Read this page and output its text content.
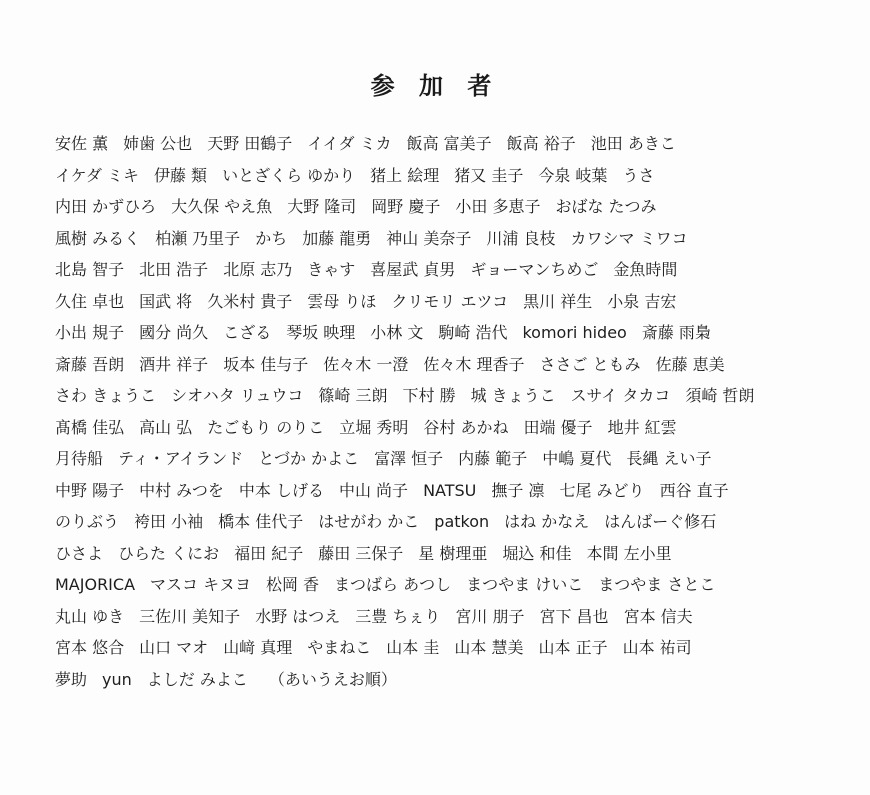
参 加 者
安佐 薫 姉歯 公也 天野 田鶴子 イイダ ミカ 飯高 富美子 飯高 裕子 池田 あきこ
イケダ ミキ 伊藤 類 いとざくら ゆかり 猪上 絵理 猪又 圭子 今泉 岐葉 うさ
内田 かずひろ 大久保 やえ魚 大野 隆司 岡野 慶子 小田 多恵子 おばな たつみ
風樹 みるく 柏瀬 乃里子 かち 加藤 龍勇 神山 美奈子 川浦 良枝 カワシマ ミワコ
北島 智子 北田 浩子 北原 志乃 きゃす 喜屋武 貞男 ギョーマンちめご 金魚時間
久住 卓也 国武 将 久米村 貴子 雲母 りほ クリモリ エツコ 黒川 祥生 小泉 吉宏
小出 規子 國分 尚久 こざる 琴坂 映理 小林 文 駒崎 浩代 komori hideo 斎藤 雨梟
斎藤 吾朗 酒井 祥子 坂本 佳与子 佐々木 一澄 佐々木 理香子 ささご ともみ 佐藤 恵美
さわ きょうこ シオハタ リュウコ 篠崎 三朗 下村 勝 城 きょうこ スサイ タカコ 須崎 哲朗
髙橋 佳弘 高山 弘 たごもり のりこ 立堀 秀明 谷村 あかね 田端 優子 地井 紅雲
月待船 ティ・アイランド とづか かよこ 富澤 恒子 内藤 範子 中嶋 夏代 長縄 えい子
中野 陽子 中村 みつを 中本 しげる 中山 尚子 NATSU 撫子 凛 七尾 みどり 西谷 直子
のりぶう 袴田 小袖 橋本 佳代子 はせがわ かこ patkon はね かなえ はんばーぐ修石
ひさよ ひらた くにお 福田 紀子 藤田 三保子 星 樹理亜 堀込 和佳 本間 左小里
MAJORICA マスコ キヌヨ 松岡 香 まつばら あつし まつやま けいこ まつやま さとこ
丸山 ゆき 三佐川 美知子 水野 はつえ 三豊 ちぇり 宮川 朋子 宮下 昌也 宮本 信夫
宮本 悠合 山口 マオ 山﨑 真理 やまねこ 山本 圭 山本 慧美 山本 正子 山本 祐司
夢助 yun よしだ みよこ （あいうえお順）
